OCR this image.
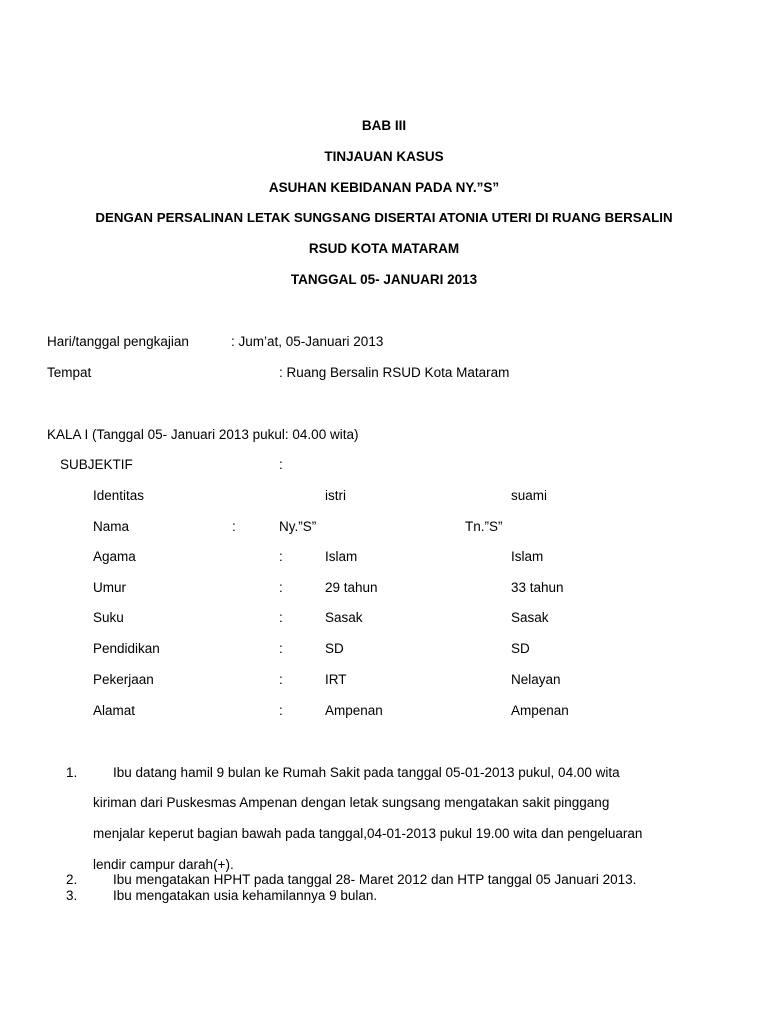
BAB III
TINJAUAN KASUS
ASUHAN KEBIDANAN PADA NY.”S”
DENGAN PERSALINAN LETAK SUNGSANG DISERTAI ATONIA UTERI DI RUANG BERSALIN
RSUD KOTA MATARAM
TANGGAL 05- JANUARI 2013
Hari/tanggal pengkajian	: Jum’at, 05-Januari 2013
Tempat	: Ruang Bersalin RSUD Kota Mataram
KALA I (Tanggal 05- Januari 2013 pukul: 04.00 wita)
SUBJEKTIF	:
Identitas	istri	suami
Nama	:	Ny.”S”	Tn.”S”
Agama	:	Islam	Islam
Umur	:	29 tahun	33 tahun
Suku	:	Sasak	Sasak
Pendidikan	:	SD	SD
Pekerjaan	:	IRT	Nelayan
Alamat	:	Ampenan	Ampenan
1.	Ibu datang hamil 9 bulan ke Rumah Sakit pada tanggal 05-01-2013 pukul, 04.00 wita
kiriman dari Puskesmas Ampenan dengan letak sungsang mengatakan sakit pinggang
menjalar keperut bagian bawah pada tanggal,04-01-2013 pukul 19.00 wita dan pengeluaran
lendir campur darah(+).
2.	Ibu mengatakan HPHT pada tanggal 28- Maret 2012 dan HTP tanggal 05 Januari 2013.
3.	Ibu mengatakan usia kehamilannya 9 bulan.
